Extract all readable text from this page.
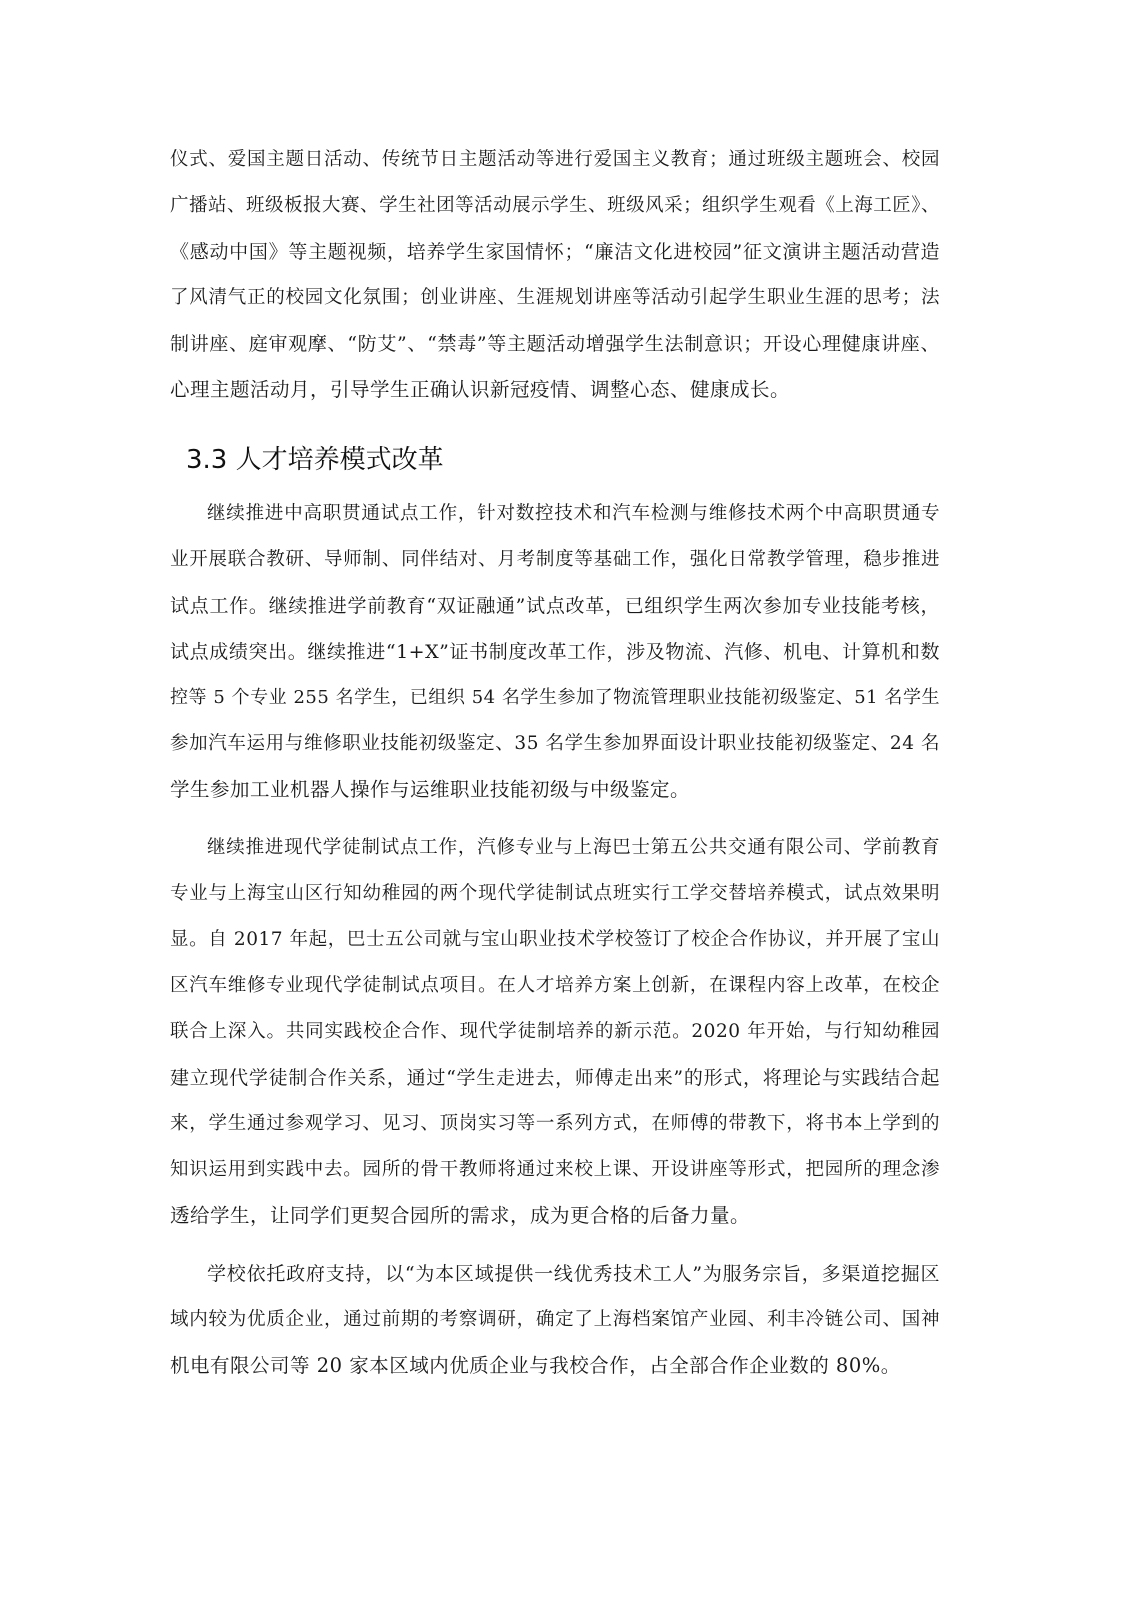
仪式、爱国主题日活动、传统节日主题活动等进行爱国主义教育；通过班级主题班会、校园
广播站、班级板报大赛、学生社团等活动展示学生、班级风采；组织学生观看《上海工匠》、
《感动中国》等主题视频，培养学生家国情怀；“廉洁文化进校园”征文演讲主题活动营造
了风清气正的校园文化氛围；创业讲座、生涯规划讲座等活动引起学生职业生涯的思考；法
制讲座、庭审观摩、“防艾”、“禁毒”等主题活动增强学生法制意识；开设心理健康讲座、
心理主题活动月，引导学生正确认识新冠疫情、调整心态、健康成长。
3.3 人才培养模式改革
继续推进中高职贯通试点工作，针对数控技术和汽车检测与维修技术两个中高职贯通专
业开展联合教研、导师制、同伴结对、月考制度等基础工作，强化日常教学管理，稳步推进
试点工作。继续推进学前教育“双证融通”试点改革，已组织学生两次参加专业技能考核，
试点成绩突出。继续推进“1+X”证书制度改革工作，涉及物流、汽修、机电、计算机和数
控等 5 个专业 255 名学生，已组织 54 名学生参加了物流管理职业技能初级鉴定、51 名学生
参加汽车运用与维修职业技能初级鉴定、35 名学生参加界面设计职业技能初级鉴定、24 名
学生参加工业机器人操作与运维职业技能初级与中级鉴定。
继续推进现代学徒制试点工作，汽修专业与上海巴士第五公共交通有限公司、学前教育
专业与上海宝山区行知幼稚园的两个现代学徒制试点班实行工学交替培养模式，试点效果明
显。自 2017 年起，巴士五公司就与宝山职业技术学校签订了校企合作协议，并开展了宝山
区汽车维修专业现代学徒制试点项目。在人才培养方案上创新，在课程内容上改革，在校企
联合上深入。共同实践校企合作、现代学徒制培养的新示范。2020 年开始，与行知幼稚园
建立现代学徒制合作关系，通过“学生走进去，师傅走出来”的形式，将理论与实践结合起
来，学生通过参观学习、见习、顶岗实习等一系列方式，在师傅的带教下，将书本上学到的
知识运用到实践中去。园所的骨干教师将通过来校上课、开设讲座等形式，把园所的理念渗
透给学生，让同学们更契合园所的需求，成为更合格的后备力量。
学校依托政府支持，以“为本区域提供一线优秀技术工人”为服务宗旨，多渠道挖掘区
域内较为优质企业，通过前期的考察调研，确定了上海档案馆产业园、利丰冷链公司、国神
机电有限公司等 20 家本区域内优质企业与我校合作，占全部合作企业数的 80%。
